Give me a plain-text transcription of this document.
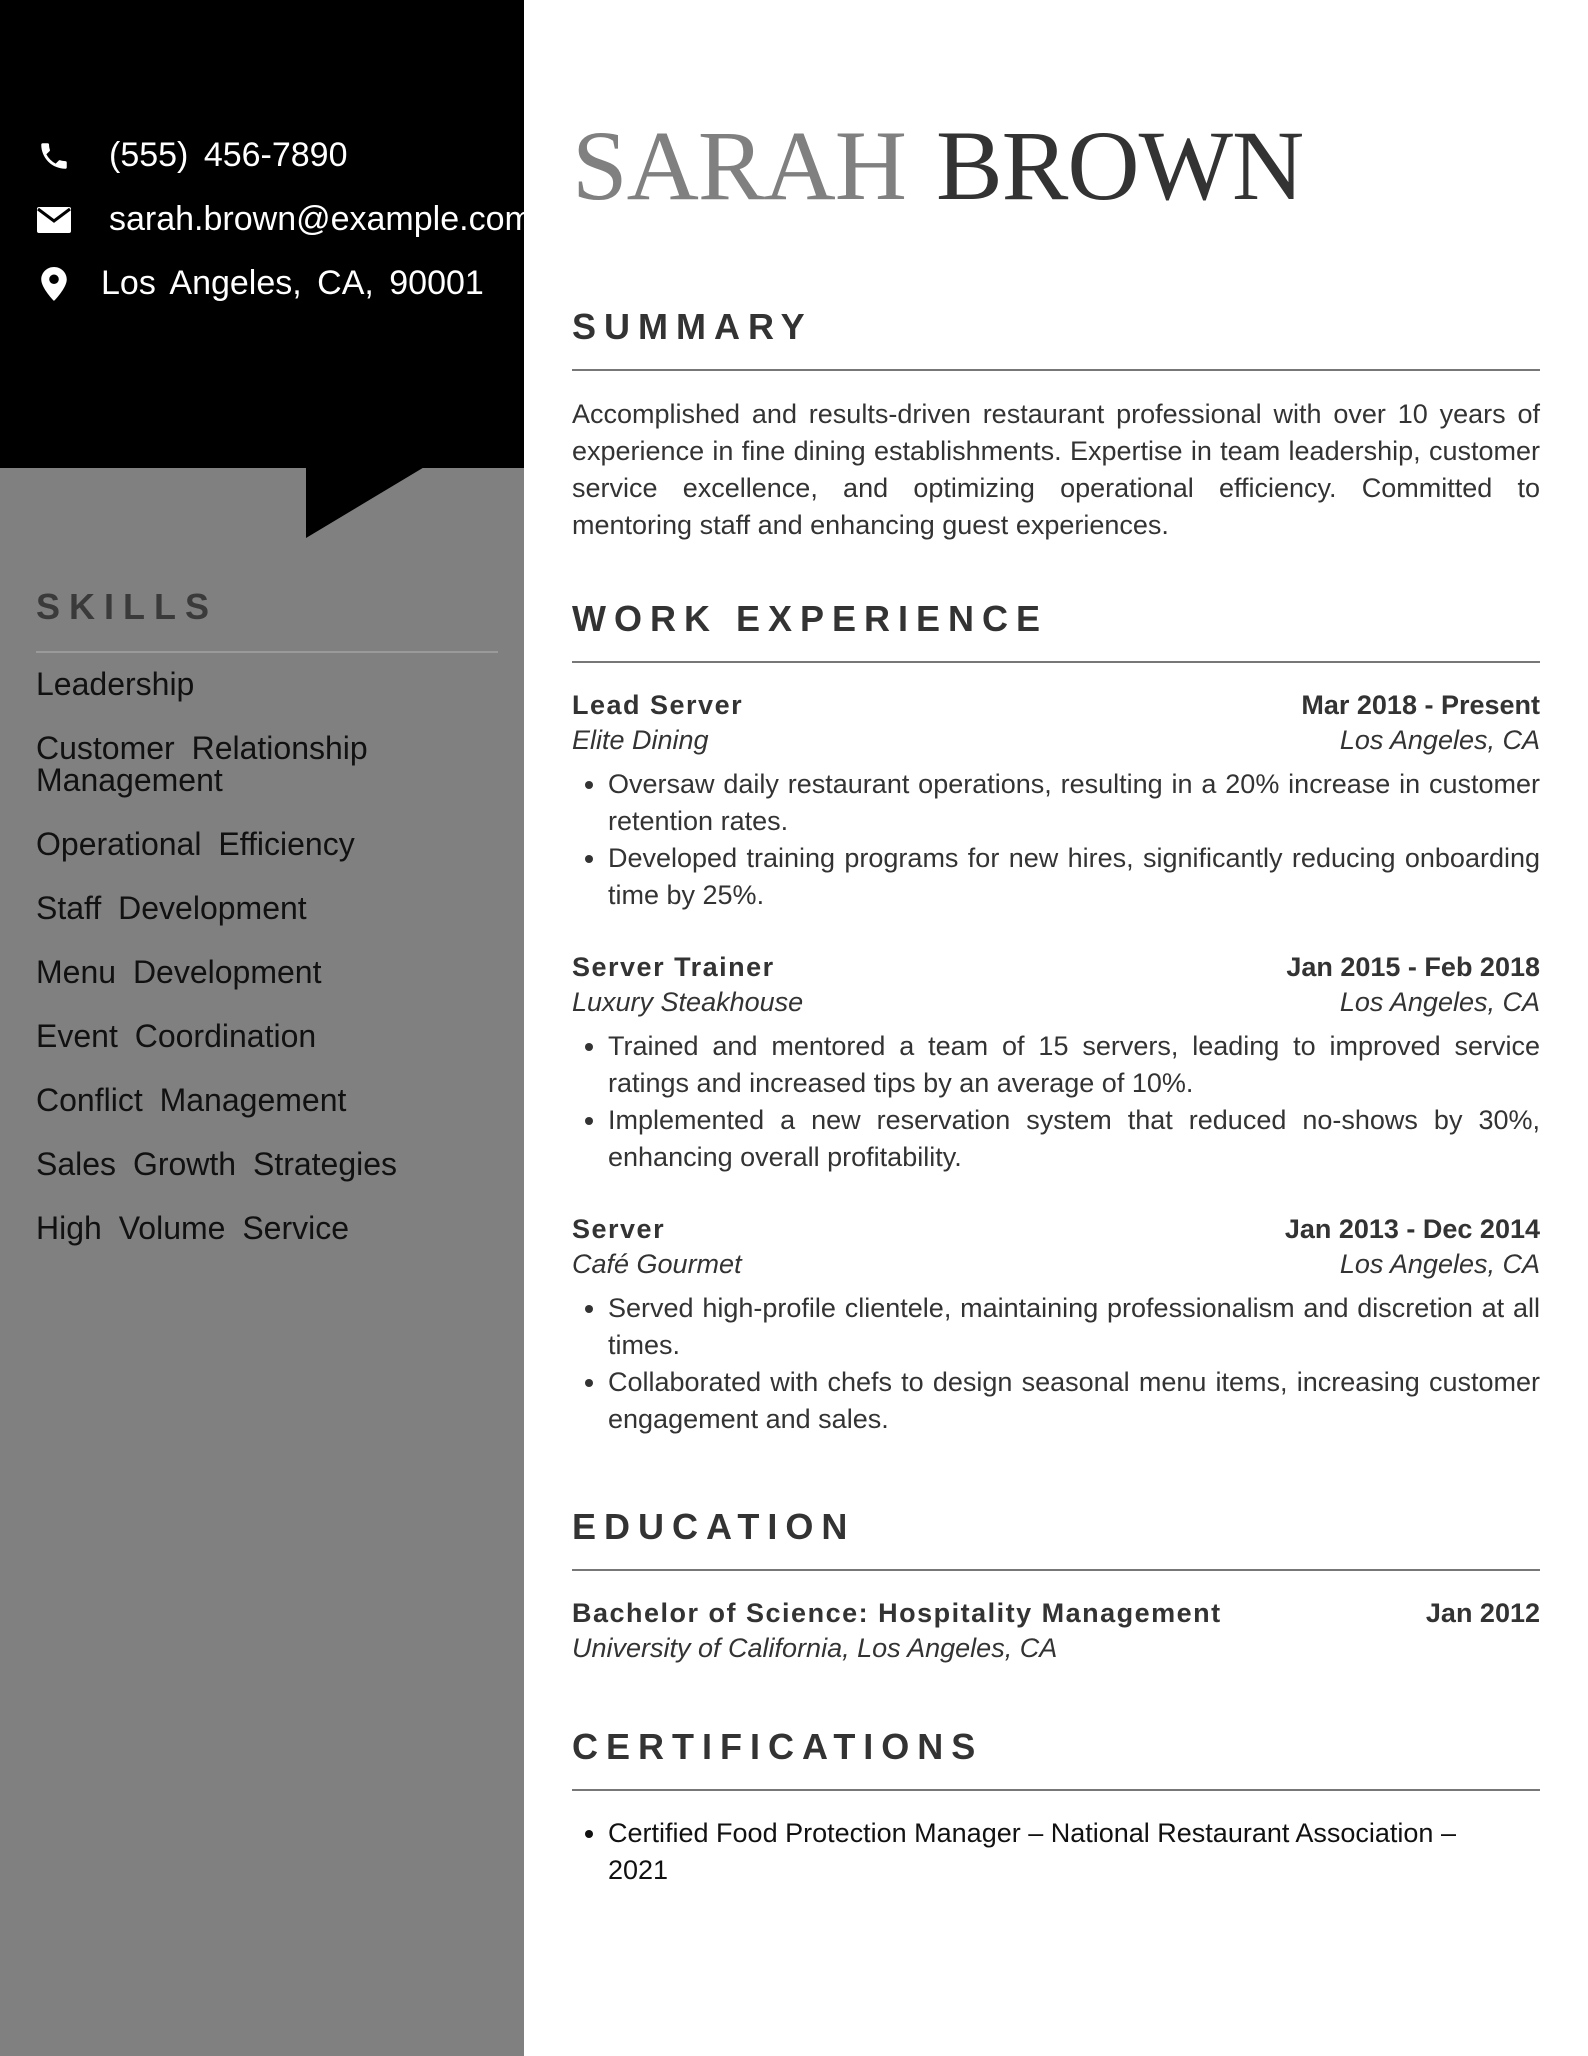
(555) 456-7890
sarah.brown@example.com
Los Angeles, CA, 90001
SKILLS
Leadership
Customer Relationship Management
Operational Efficiency
Staff Development
Menu Development
Event Coordination
Conflict Management
Sales Growth Strategies
High Volume Service
SARAH BROWN
SUMMARY

Accomplished and results-driven restaurant professional with over 10 years of experience in fine dining establishments. Expertise in team leadership, customer service excellence, and optimizing operational efficiency. Committed to mentoring staff and enhancing guest experiences.

WORK EXPERIENCE
Lead Server	Mar 2018 - Present
Elite Dining	Los Angeles, CA
• Oversaw daily restaurant operations, resulting in a 20% increase in customer retention rates.
• Developed training programs for new hires, significantly reducing onboarding time by 25%.
Server Trainer	Jan 2015 - Feb 2018
Luxury Steakhouse	Los Angeles, CA
• Trained and mentored a team of 15 servers, leading to improved service ratings and increased tips by an average of 10%.
• Implemented a new reservation system that reduced no-shows by 30%, enhancing overall profitability.
Server	Jan 2013 - Dec 2014
Café Gourmet	Los Angeles, CA
• Served high-profile clientele, maintaining professionalism and discretion at all times.
• Collaborated with chefs to design seasonal menu items, increasing customer engagement and sales.
EDUCATION
Bachelor of Science: Hospitality Management	Jan 2012
University of California, Los Angeles, CA
CERTIFICATIONS
• Certified Food Protection Manager – National Restaurant Association – 2021
